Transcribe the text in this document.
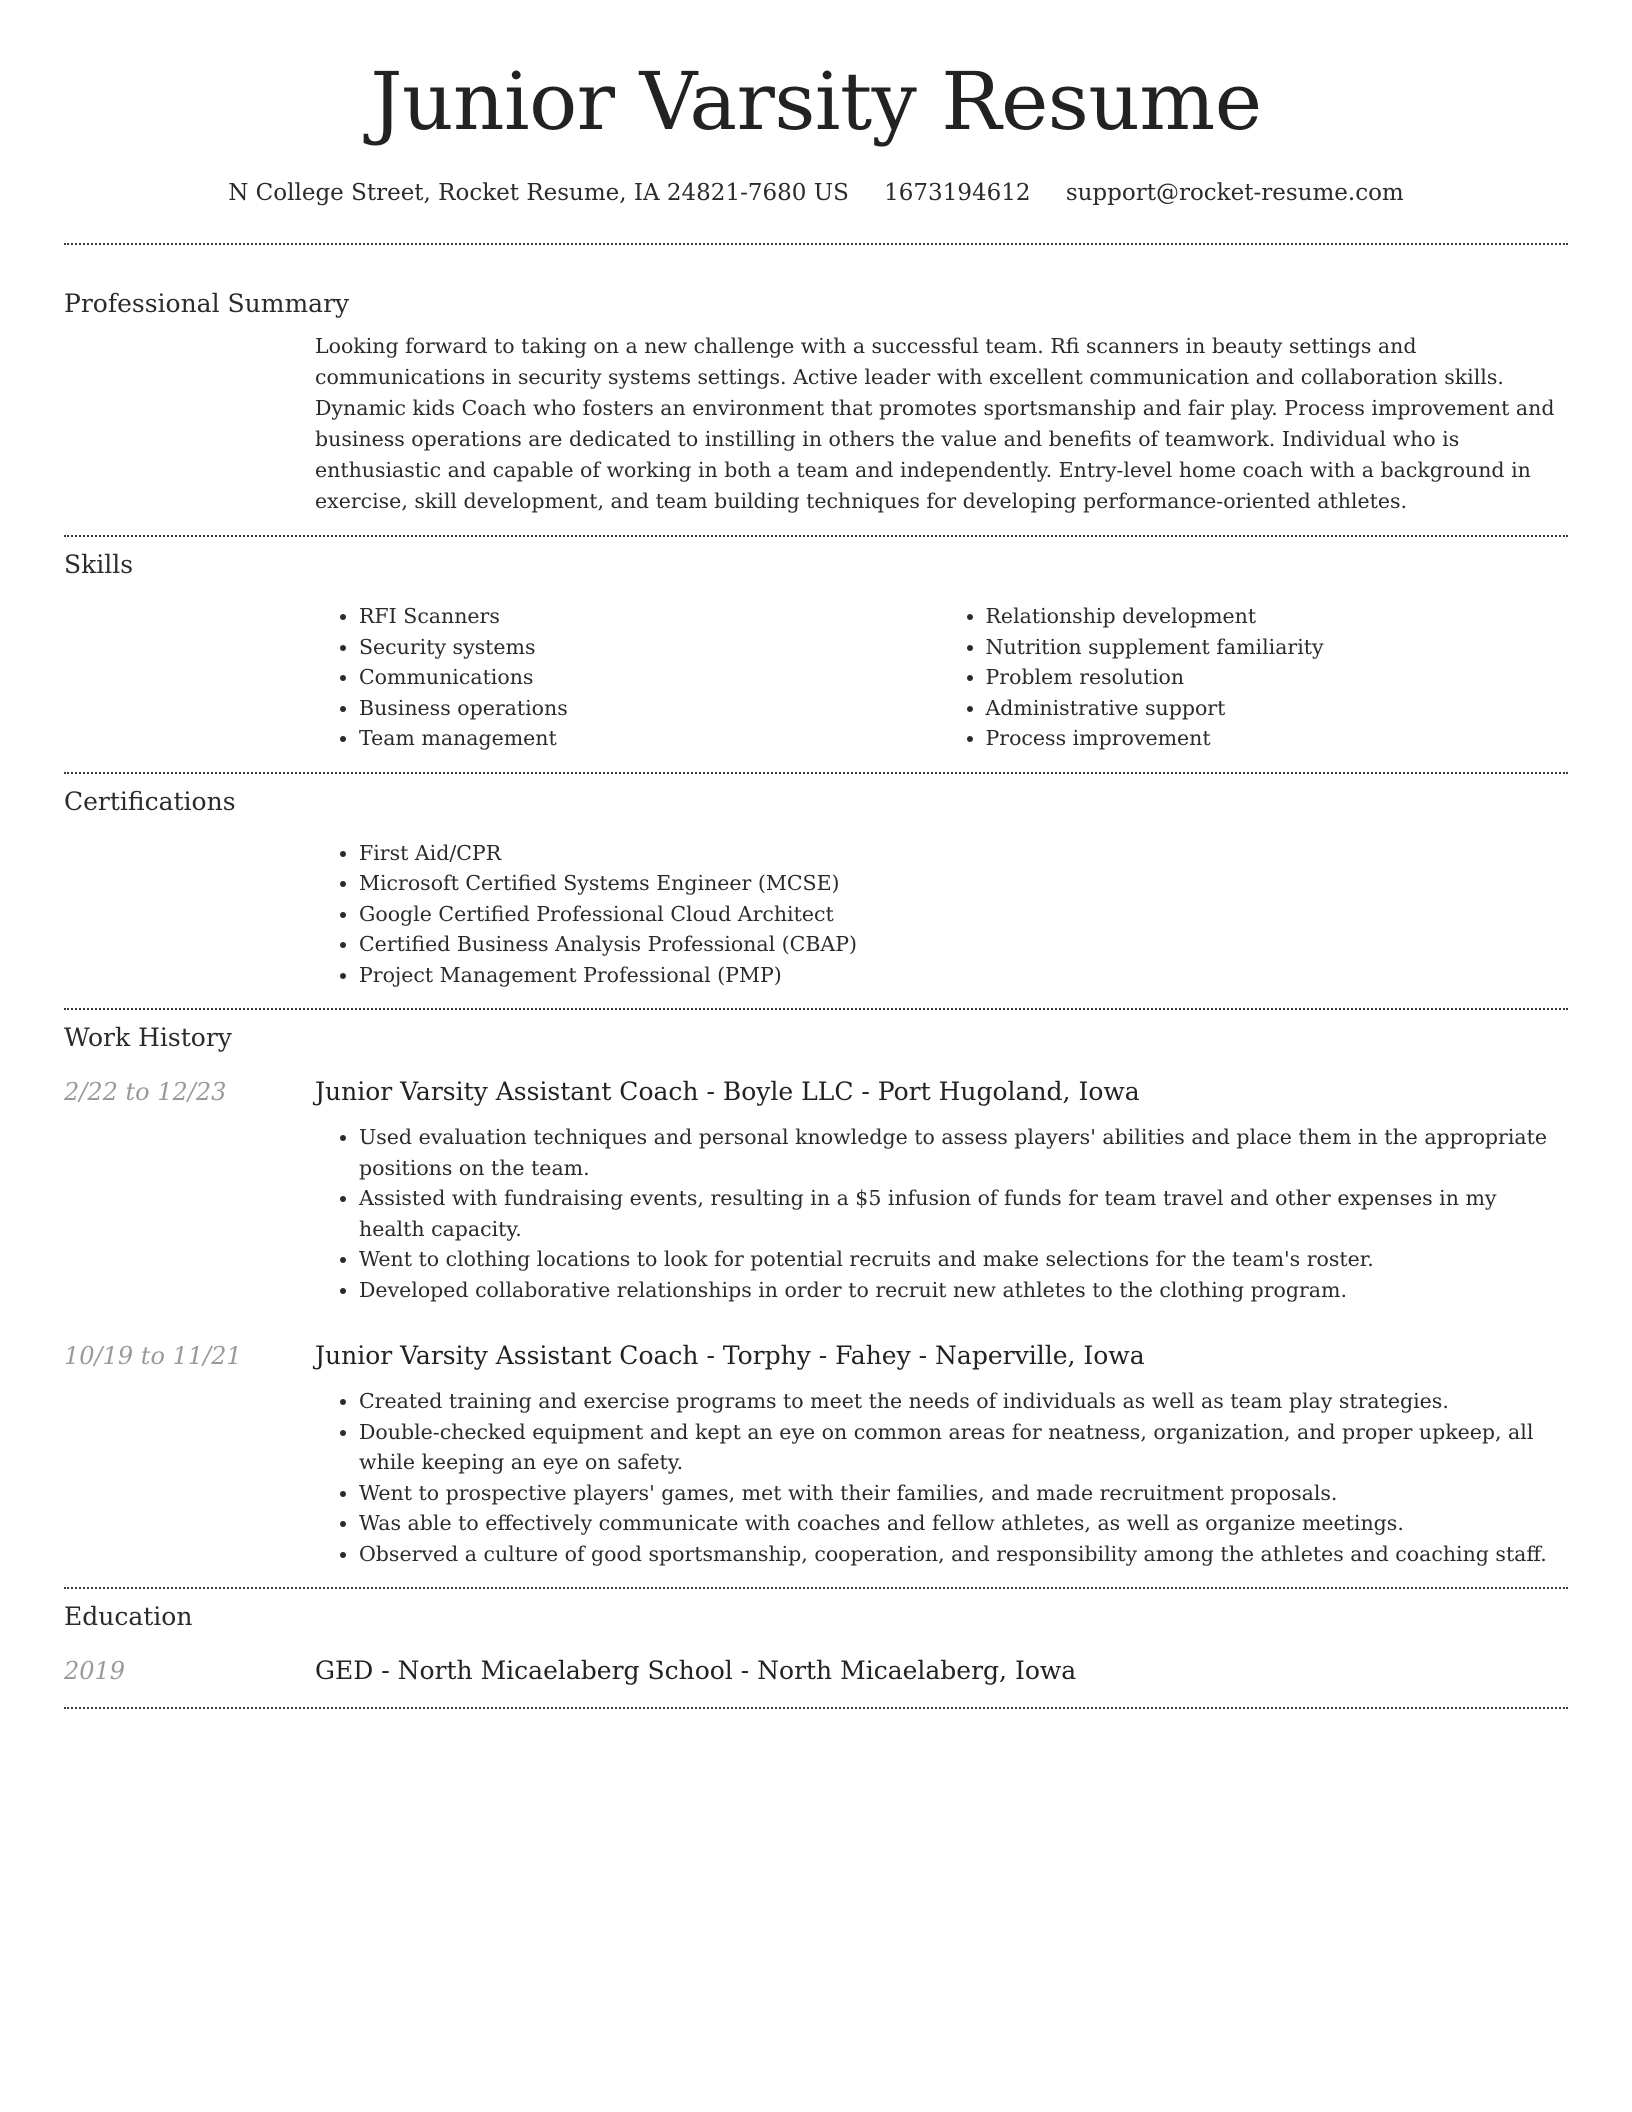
Junior Varsity Resume
N College Street, Rocket Resume, IA 24821-7680 US 1673194612 support@rocket-resume.com
Professional Summary

Looking forward to taking on a new challenge with a successful team. Rfi scanners in beauty settings and communications in security systems settings. Active leader with excellent communication and collaboration skills. Dynamic kids Coach who fosters an environment that promotes sportsmanship and fair play. Process improvement and business operations are dedicated to instilling in others the value and benefits of teamwork. Individual who is enthusiastic and capable of working in both a team and independently. Entry-level home coach with a background in exercise, skill development, and team building techniques for developing performance-oriented athletes.

Skills
• RFI Scanners
• Security systems
• Communications
• Business operations
• Team management
• Relationship development
• Nutrition supplement familiarity
• Problem resolution
• Administrative support
• Process improvement
Certifications
• First Aid/CPR
• Microsoft Certified Systems Engineer (MCSE)
• Google Certified Professional Cloud Architect
• Certified Business Analysis Professional (CBAP)
• Project Management Professional (PMP)
Work History
2/22 to 12/23	Junior Varsity Assistant Coach - Boyle LLC - Port Hugoland, Iowa
• Used evaluation techniques and personal knowledge to assess players' abilities and place them in the appropriate positions on the team.
• Assisted with fundraising events, resulting in a $5 infusion of funds for team travel and other expenses in my health capacity.
• Went to clothing locations to look for potential recruits and make selections for the team's roster.
• Developed collaborative relationships in order to recruit new athletes to the clothing program.
10/19 to 11/21	Junior Varsity Assistant Coach - Torphy - Fahey - Naperville, Iowa
• Created training and exercise programs to meet the needs of individuals as well as team play strategies.
• Double-checked equipment and kept an eye on common areas for neatness, organization, and proper upkeep, all while keeping an eye on safety.
• Went to prospective players' games, met with their families, and made recruitment proposals.
• Was able to effectively communicate with coaches and fellow athletes, as well as organize meetings.
• Observed a culture of good sportsmanship, cooperation, and responsibility among the athletes and coaching staff.
Education
2019	GED - North Micaelaberg School - North Micaelaberg, Iowa
